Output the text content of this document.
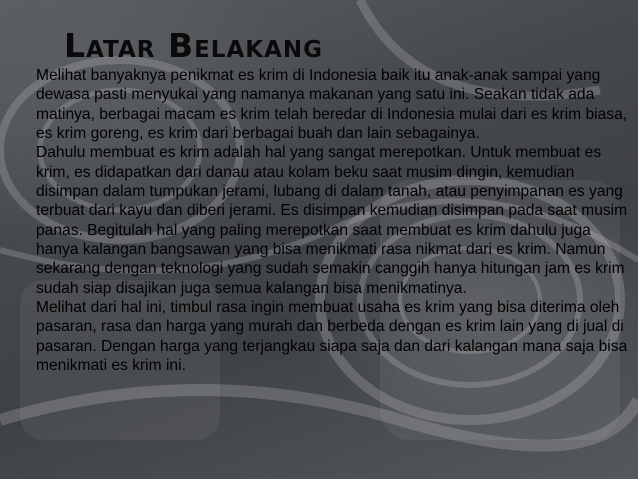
Latar Belakang

Melihat banyaknya penikmat es krim di Indonesia baik itu anak-anak sampai yang dewasa pasti menyukai yang namanya makanan yang satu ini. Seakan tidak ada matinya, berbagai macam es krim telah beredar di Indonesia mulai dari es krim biasa, es krim goreng, es krim dari berbagai buah dan lain sebagainya.

Dahulu membuat es krim adalah hal yang sangat merepotkan. Untuk membuat es krim, es didapatkan dari danau atau kolam beku saat musim dingin, kemudian disimpan dalam tumpukan jerami, lubang di dalam tanah, atau penyimpanan es yang terbuat dari kayu dan diberi jerami. Es disimpan kemudian disimpan pada saat musim panas. Begitulah hal yang paling merepotkan saat membuat es krim dahulu juga hanya kalangan bangsawan yang bisa menikmati rasa nikmat dari es krim. Namun sekarang dengan teknologi yang sudah semakin canggih hanya hitungan jam es krim sudah siap disajikan juga semua kalangan bisa menikmatinya.

Melihat dari hal ini, timbul rasa ingin membuat usaha es krim yang bisa diterima oleh pasaran, rasa dan harga yang murah dan berbeda dengan es krim lain yang di jual di pasaran. Dengan harga yang terjangkau siapa saja dan dari kalangan mana saja bisa menikmati es krim ini.
